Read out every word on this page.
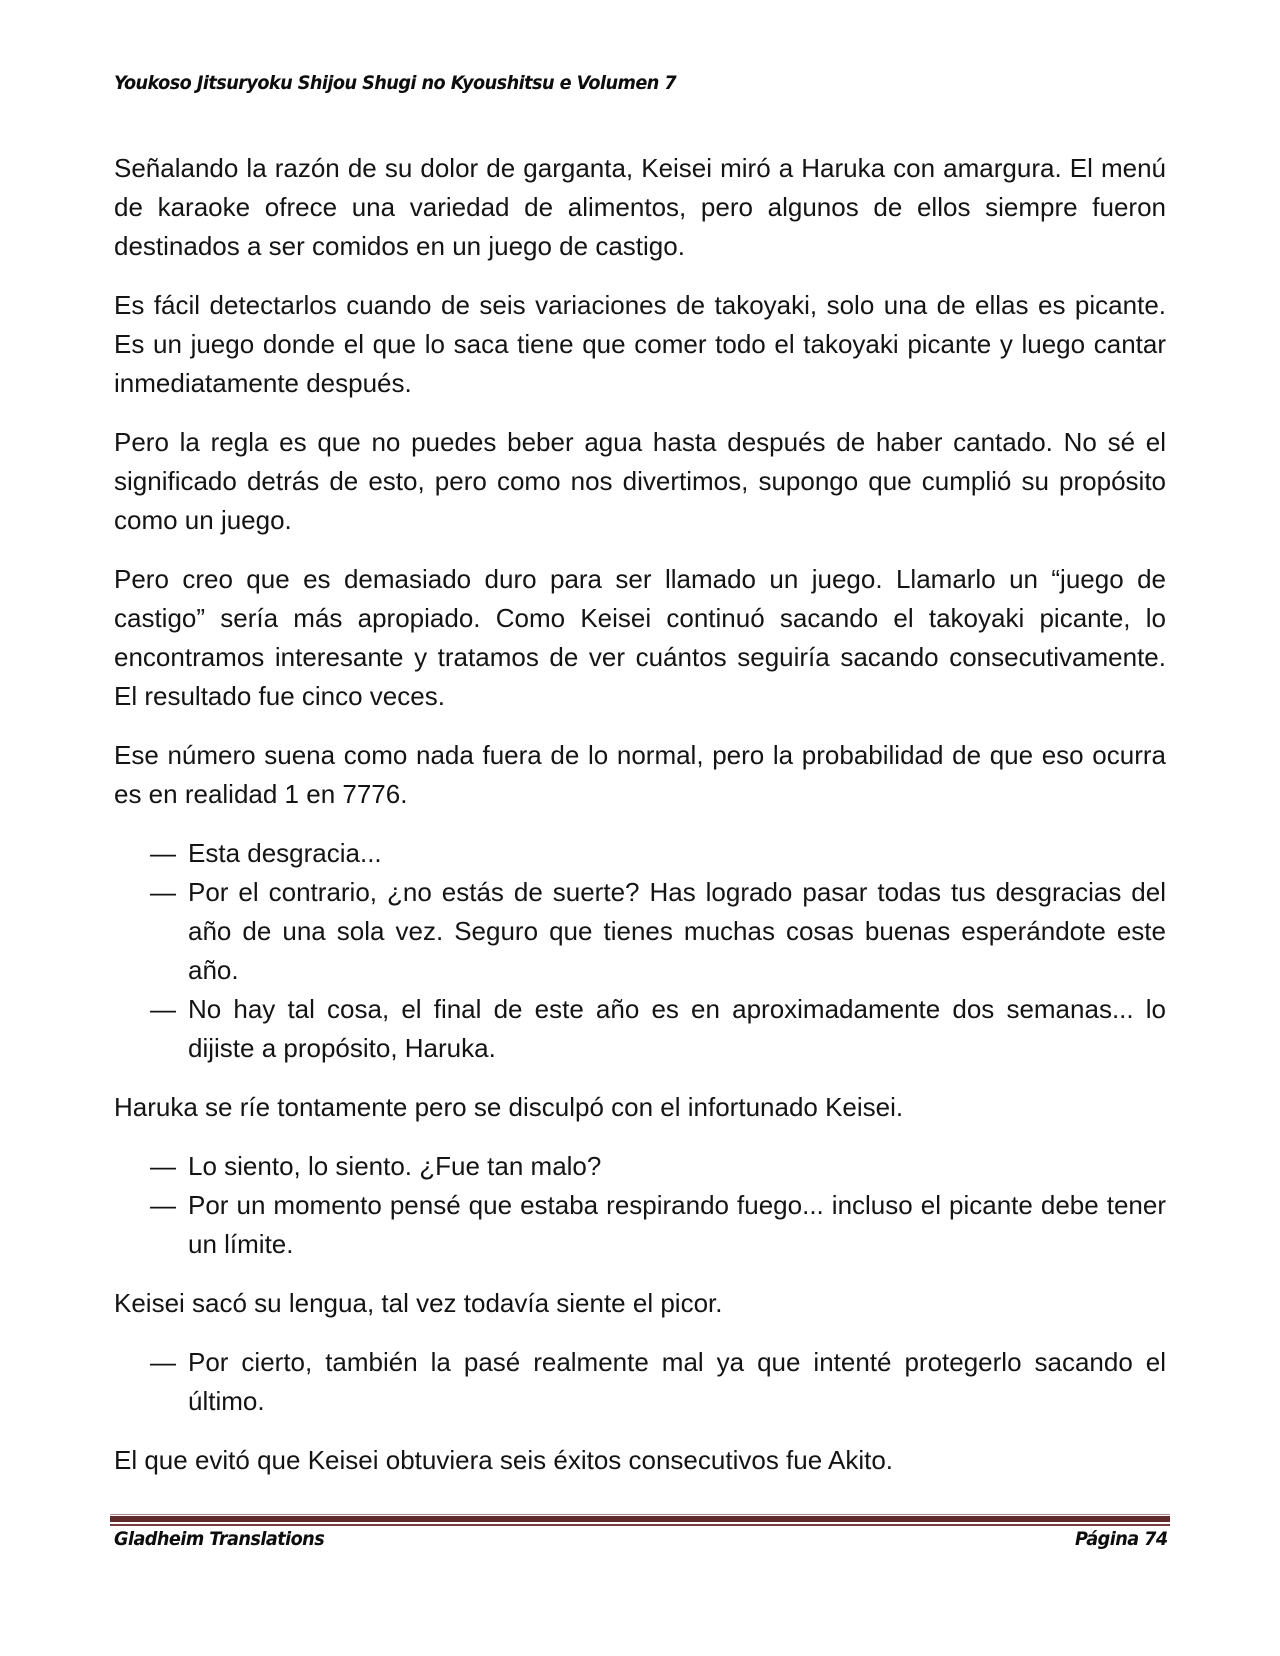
Youkoso Jitsuryoku Shijou Shugi no Kyoushitsu e Volumen 7

Señalando la razón de su dolor de garganta, Keisei miró a Haruka con amargura. El menú de karaoke ofrece una variedad de alimentos, pero algunos de ellos siempre fueron destinados a ser comidos en un juego de castigo.

Es fácil detectarlos cuando de seis variaciones de takoyaki, solo una de ellas es picante. Es un juego donde el que lo saca tiene que comer todo el takoyaki picante y luego cantar inmediatamente después.

Pero la regla es que no puedes beber agua hasta después de haber cantado. No sé el significado detrás de esto, pero como nos divertimos, supongo que cumplió su propósito como un juego.

Pero creo que es demasiado duro para ser llamado un juego. Llamarlo un “juego de castigo” sería más apropiado. Como Keisei continuó sacando el takoyaki picante, lo encontramos interesante y tratamos de ver cuántos seguiría sacando consecutivamente. El resultado fue cinco veces.

Ese número suena como nada fuera de lo normal, pero la probabilidad de que eso ocurra es en realidad 1 en 7776.

— Esta desgracia...
— Por el contrario, ¿no estás de suerte? Has logrado pasar todas tus desgracias del año de una sola vez. Seguro que tienes muchas cosas buenas esperándote este año.
— No hay tal cosa, el final de este año es en aproximadamente dos semanas... lo dijiste a propósito, Haruka.

Haruka se ríe tontamente pero se disculpó con el infortunado Keisei.

— Lo siento, lo siento. ¿Fue tan malo?
— Por un momento pensé que estaba respirando fuego... incluso el picante debe tener un límite.

Keisei sacó su lengua, tal vez todavía siente el picor.

— Por cierto, también la pasé realmente mal ya que intenté protegerlo sacando el último.

El que evitó que Keisei obtuviera seis éxitos consecutivos fue Akito.

Gladheim Translations	Página 74
